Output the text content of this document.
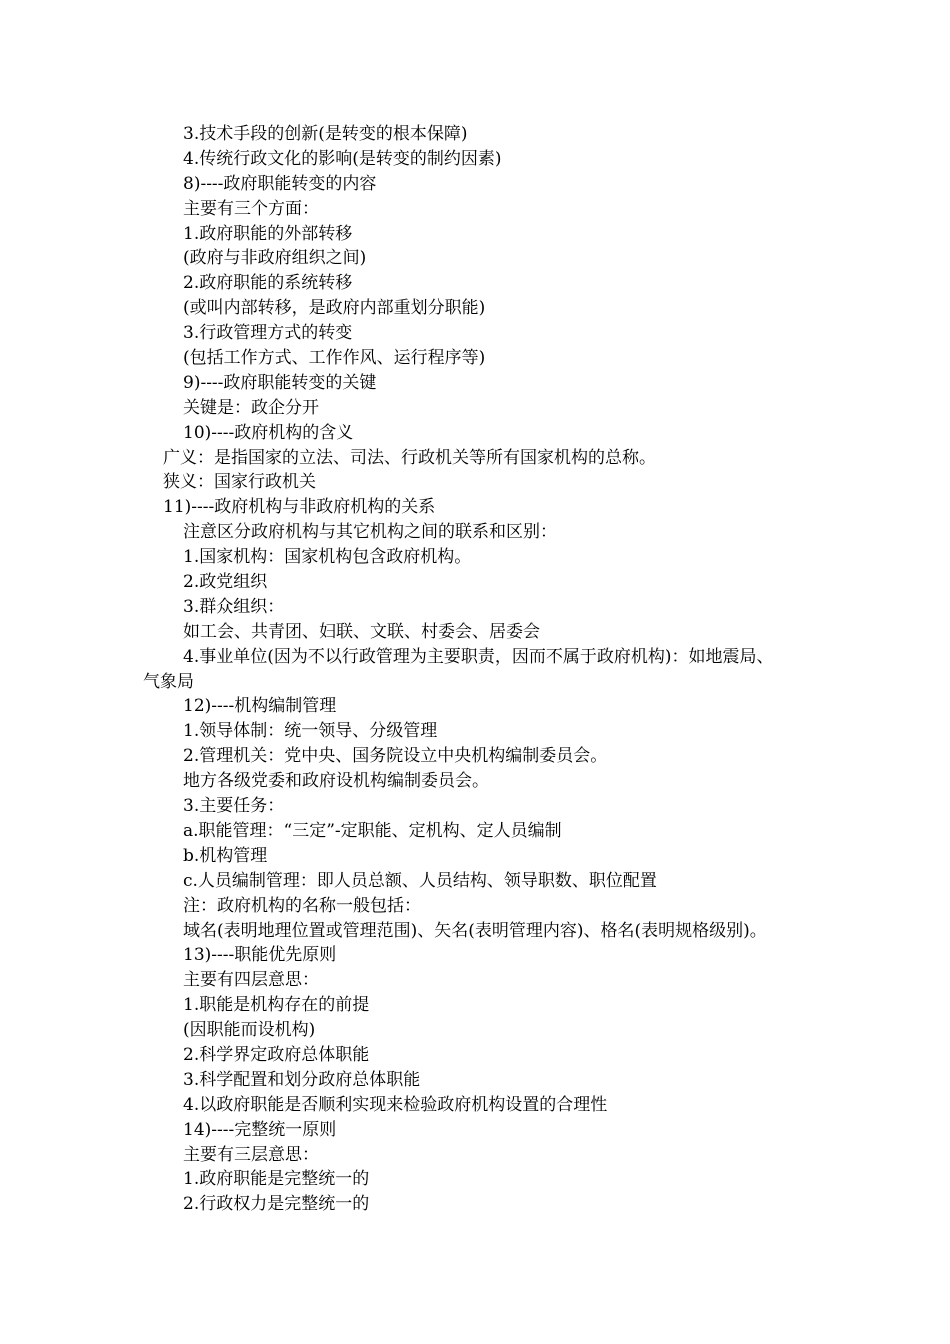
3.技术手段的创新(是转变的根本保障)
4.传统行政文化的影响(是转变的制约因素)
8)----政府职能转变的内容
主要有三个方面：
1.政府职能的外部转移
(政府与非政府组织之间)
2.政府职能的系统转移
(或叫内部转移，是政府内部重划分职能)
3.行政管理方式的转变
(包括工作方式、工作作风、运行程序等)
9)----政府职能转变的关键
关键是：政企分开
10)----政府机构的含义
广义：是指国家的立法、司法、行政机关等所有国家机构的总称。
狭义：国家行政机关
11)----政府机构与非政府机构的关系
注意区分政府机构与其它机构之间的联系和区别：
1.国家机构：国家机构包含政府机构。
2.政党组织
3.群众组织：
如工会、共青团、妇联、文联、村委会、居委会
4.事业单位(因为不以行政管理为主要职责，因而不属于政府机构)：如地震局、
气象局
12)----机构编制管理
1.领导体制：统一领导、分级管理
2.管理机关：党中央、国务院设立中央机构编制委员会。
地方各级党委和政府设机构编制委员会。
3.主要任务：
a.职能管理：“三定”-定职能、定机构、定人员编制
b.机构管理
c.人员编制管理：即人员总额、人员结构、领导职数、职位配置
注：政府机构的名称一般包括：
域名(表明地理位置或管理范围)、矢名(表明管理内容)、格名(表明规格级别)。
13)----职能优先原则
主要有四层意思：
1.职能是机构存在的前提
(因职能而设机构)
2.科学界定政府总体职能
3.科学配置和划分政府总体职能
4.以政府职能是否顺利实现来检验政府机构设置的合理性
14)----完整统一原则
主要有三层意思：
1.政府职能是完整统一的
2.行政权力是完整统一的
